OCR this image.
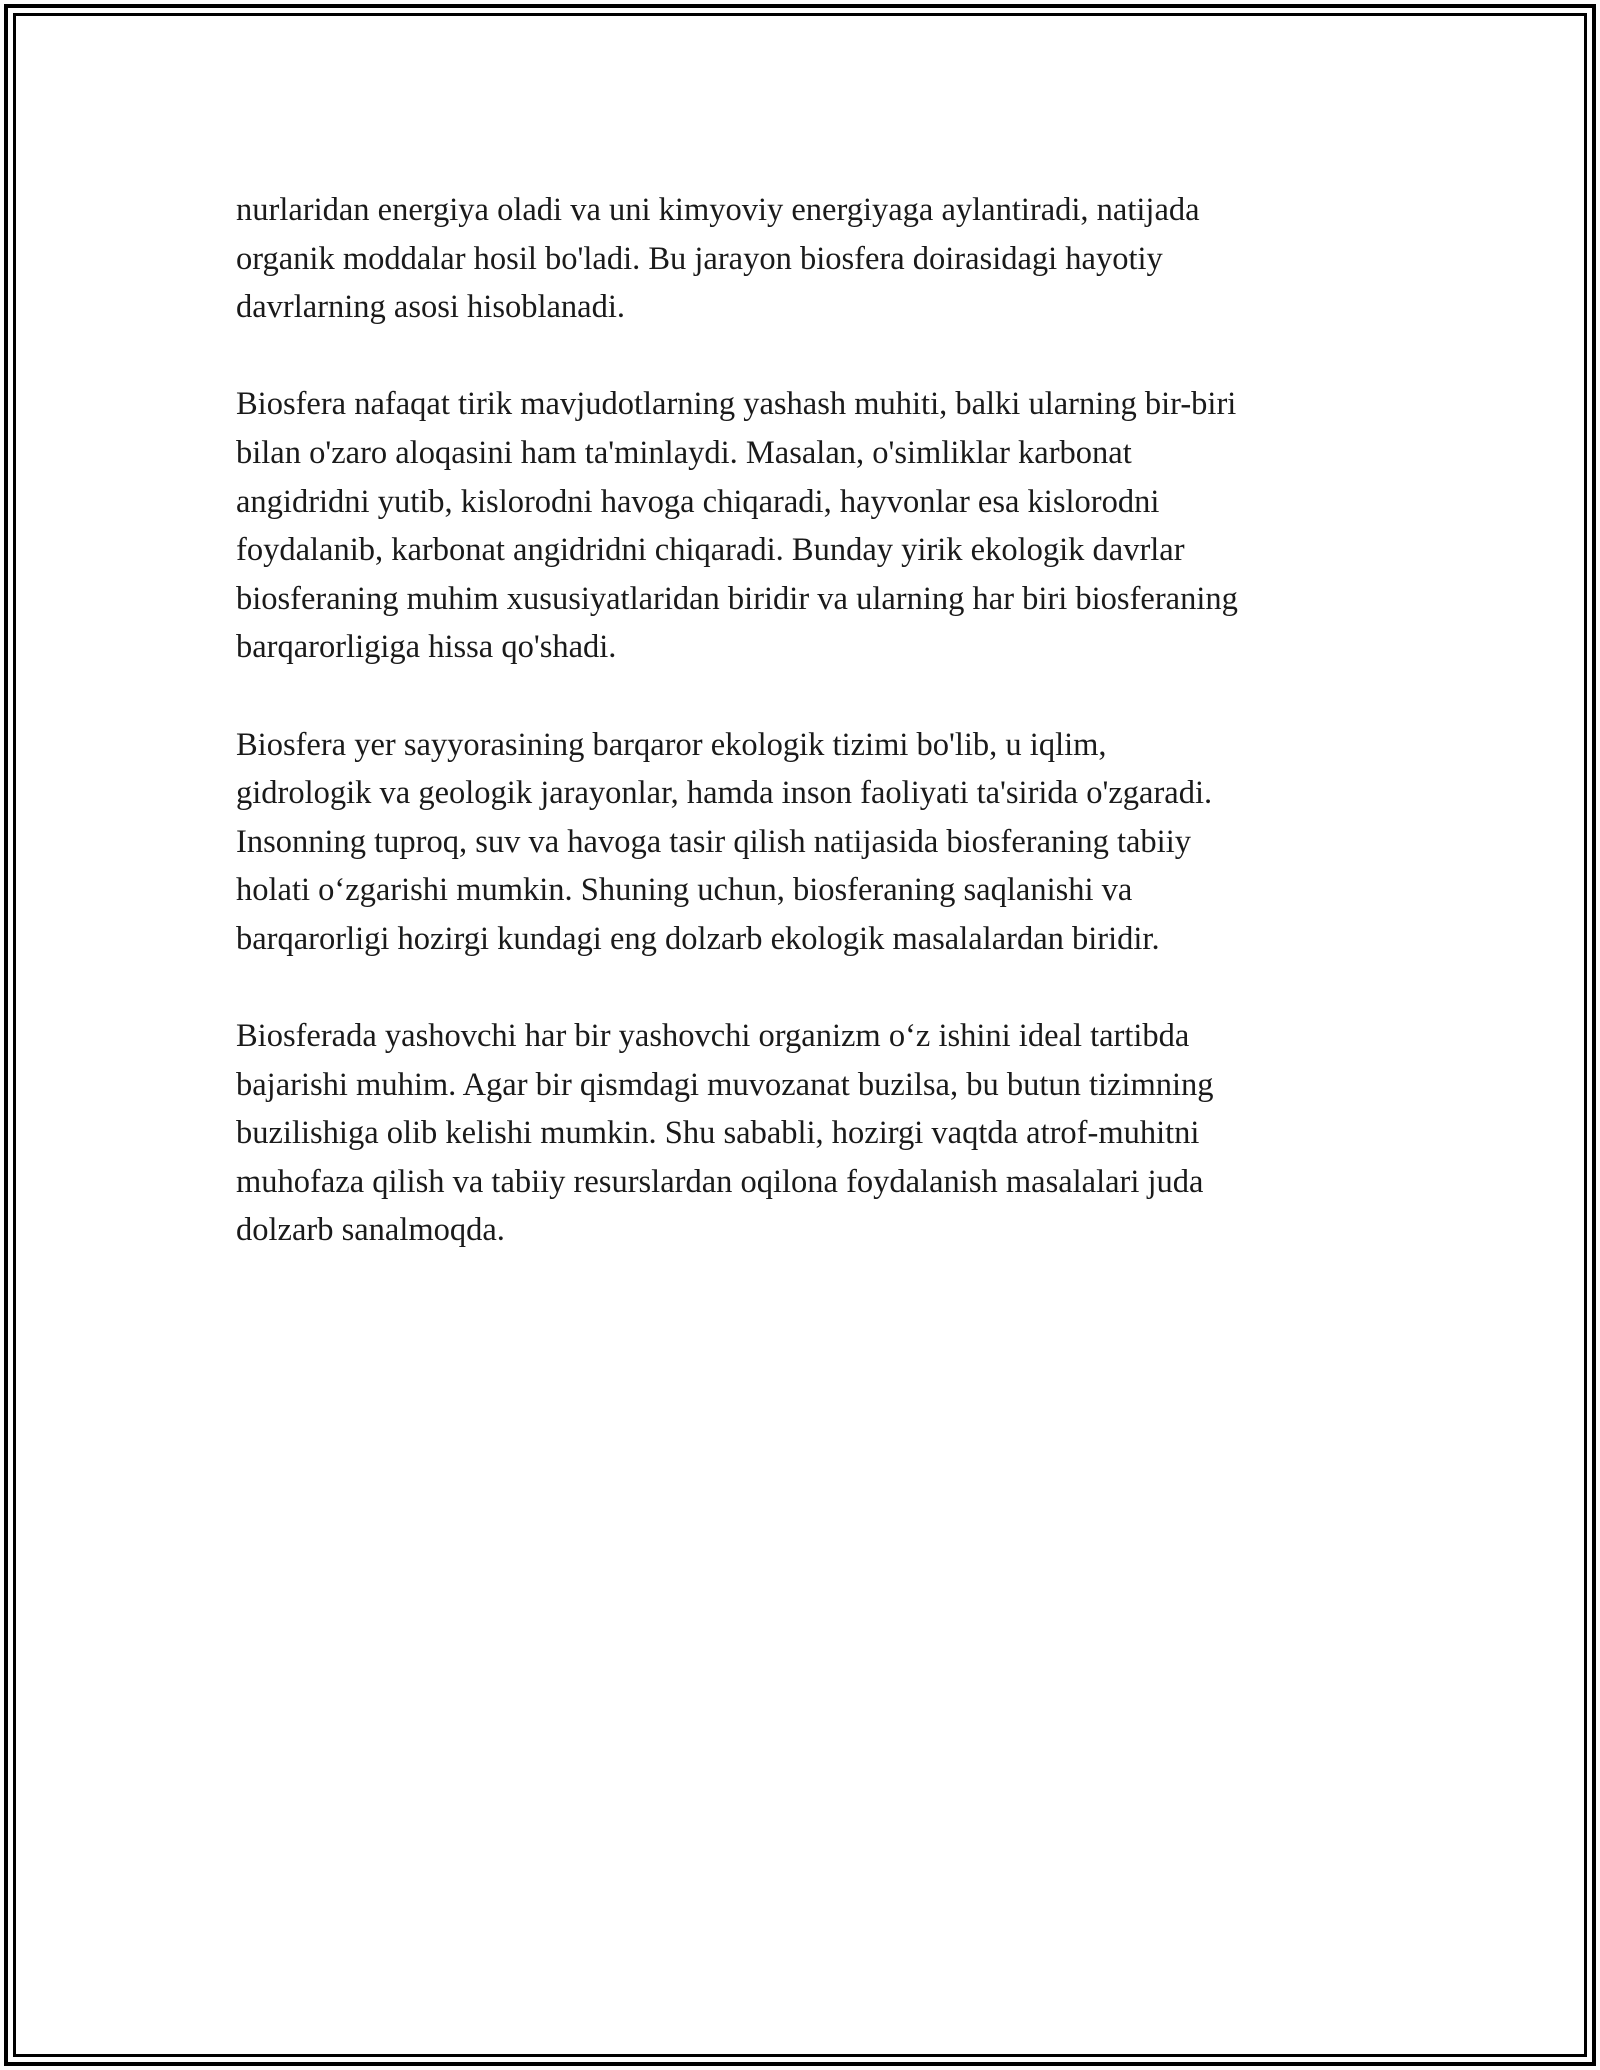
nurlaridan energiya oladi va uni kimyoviy energiyaga aylantiradi, natijada
organik moddalar hosil bo'ladi. Bu jarayon biosfera doirasidagi hayotiy
davrlarning asosi hisoblanadi.

Biosfera nafaqat tirik mavjudotlarning yashash muhiti, balki ularning bir-biri
bilan o'zaro aloqasini ham ta'minlaydi. Masalan, o'simliklar karbonat
angidridni yutib, kislorodni havoga chiqaradi, hayvonlar esa kislorodni
foydalanib, karbonat angidridni chiqaradi. Bunday yirik ekologik davrlar
biosferaning muhim xususiyatlaridan biridir va ularning har biri biosferaning
barqarorligiga hissa qo'shadi.

Biosfera yer sayyorasining barqaror ekologik tizimi bo'lib, u iqlim,
gidrologik va geologik jarayonlar, hamda inson faoliyati ta'sirida o'zgaradi.
Insonning tuproq, suv va havoga tasir qilish natijasida biosferaning tabiiy
holati o‘zgarishi mumkin. Shuning uchun, biosferaning saqlanishi va
barqarorligi hozirgi kundagi eng dolzarb ekologik masalalardan biridir.

Biosferada yashovchi har bir yashovchi organizm o‘z ishini ideal tartibda
bajarishi muhim. Agar bir qismdagi muvozanat buzilsa, bu butun tizimning
buzilishiga olib kelishi mumkin. Shu sababli, hozirgi vaqtda atrof-muhitni
muhofaza qilish va tabiiy resurslardan oqilona foydalanish masalalari juda
dolzarb sanalmoqda.
